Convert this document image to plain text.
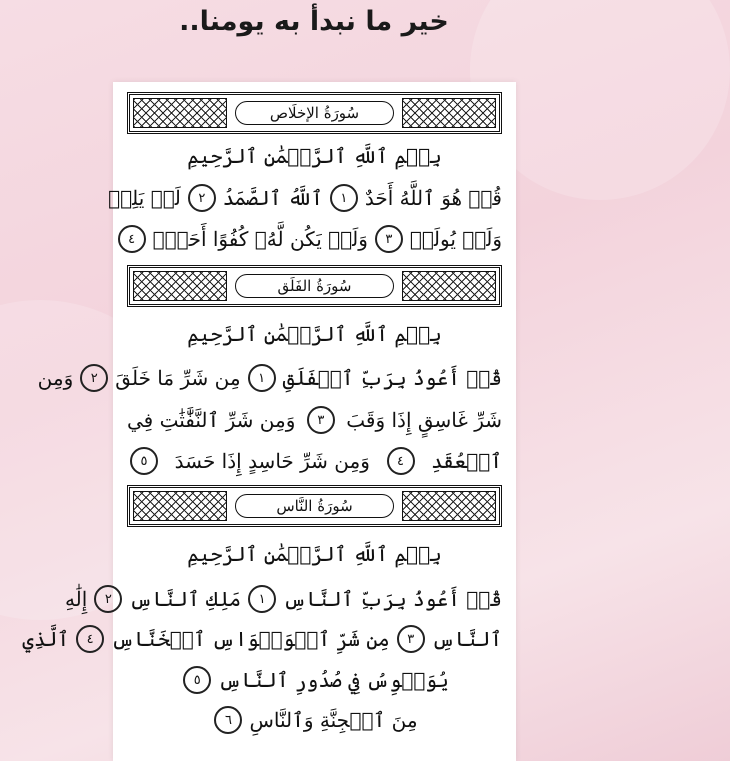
خير ما نبدأ به يومنا..
سُورَةُ الإخلَاص
بِسۡمِ ٱللَّهِ ٱلرَّحۡمَٰنِ ٱلرَّحِيمِ
قُلۡ هُوَ ٱللَّهُ أَحَدٌ
١
ٱللَّهُ ٱلصَّمَدُ
٢
لَمۡ يَلِدۡ
وَلَمۡ يُولَدۡ
٣
وَلَمۡ يَكُن لَّهُۥ كُفُوًا أَحَدُۢ
٤
سُورَةُ الفَلَق
بِسۡمِ ٱللَّهِ ٱلرَّحۡمَٰنِ ٱلرَّحِيمِ
قُلۡ أَعُوذُ بِرَبِّ ٱلۡفَلَقِ
١
مِن شَرِّ مَا خَلَقَ
٢
وَمِن
شَرِّ غَاسِقٍ إِذَا وَقَبَ
٣
وَمِن شَرِّ ٱلنَّفَّٰثَٰتِ فِي
ٱلۡعُقَدِ
٤
وَمِن شَرِّ حَاسِدٍ إِذَا حَسَدَ
٥
سُورَةُ النَّاس
بِسۡمِ ٱللَّهِ ٱلرَّحۡمَٰنِ ٱلرَّحِيمِ
قُلۡ أَعُوذُ بِرَبِّ ٱلنَّاسِ
١
مَلِكِ ٱلنَّاسِ
٢
إِلَٰهِ
ٱلنَّاسِ
٣
مِن شَرِّ ٱلۡوَسۡوَاسِ ٱلۡخَنَّاسِ
٤
ٱلَّذِي
يُوَسۡوِسُ فِي صُدُورِ ٱلنَّاسِ
٥
مِنَ ٱلۡجِنَّةِ وَٱلنَّاسِ
٦
